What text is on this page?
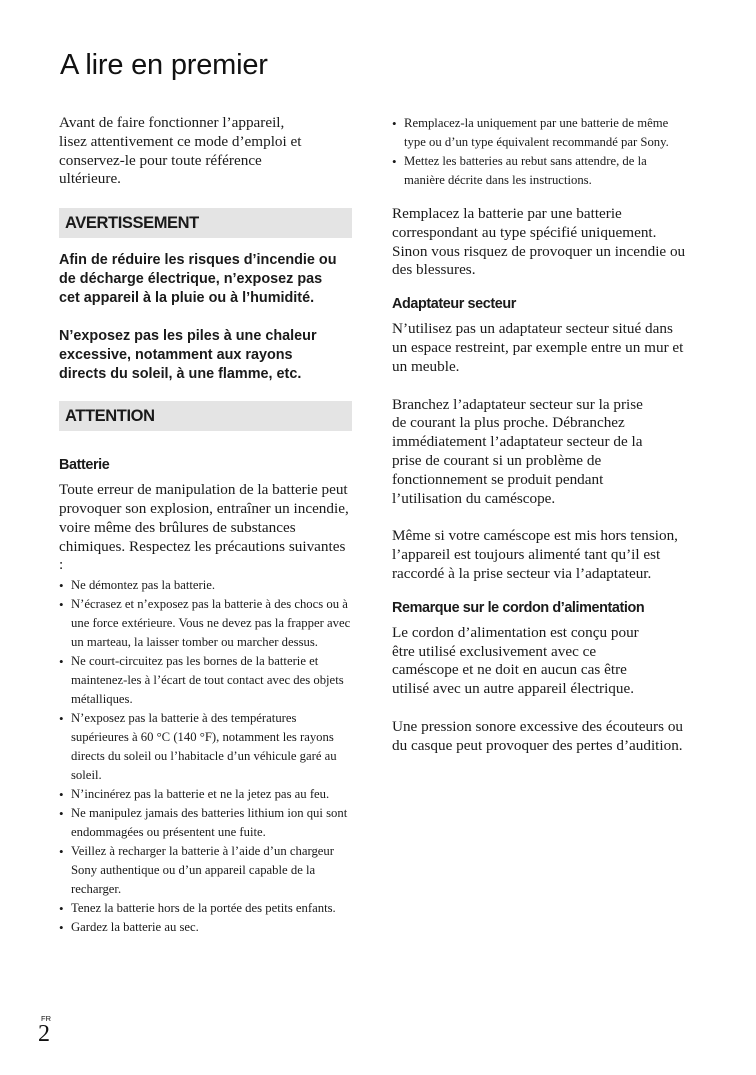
A lire en premier

Avant de faire fonctionner l’appareil, lisez attentivement ce mode d’emploi et conservez-le pour toute référence ultérieure.

AVERTISSEMENT

Afin de réduire les risques d’incendie ou de décharge électrique, n’exposez pas cet appareil à la pluie ou à l’humidité.

N’exposez pas les piles à une chaleur excessive, notamment aux rayons directs du soleil, à une flamme, etc.

ATTENTION

Batterie

Toute erreur de manipulation de la batterie peut provoquer son explosion, entraîner un incendie, voire même des brûlures de substances chimiques. Respectez les précautions suivantes :

• Ne démontez pas la batterie.
• N’écrasez et n’exposez pas la batterie à des chocs ou à une force extérieure. Vous ne devez pas la frapper avec un marteau, la laisser tomber ou marcher dessus.
• Ne court-circuitez pas les bornes de la batterie et maintenez-les à l’écart de tout contact avec des objets métalliques.
• N’exposez pas la batterie à des températures supérieures à 60 °C (140 °F), notamment les rayons directs du soleil ou l’habitacle d’un véhicule garé au soleil.
• N’incinérez pas la batterie et ne la jetez pas au feu.
• Ne manipulez jamais des batteries lithium ion qui sont endommagées ou présentent une fuite.
• Veillez à recharger la batterie à l’aide d’un chargeur Sony authentique ou d’un appareil capable de la recharger.
• Tenez la batterie hors de la portée des petits enfants.
• Gardez la batterie au sec.
• Remplacez-la uniquement par une batterie de même type ou d’un type équivalent recommandé par Sony.
• Mettez les batteries au rebut sans attendre, de la manière décrite dans les instructions.

Remplacez la batterie par une batterie correspondant au type spécifié uniquement. Sinon vous risquez de provoquer un incendie ou des blessures.

Adaptateur secteur

N’utilisez pas un adaptateur secteur situé dans un espace restreint, par exemple entre un mur et un meuble.

Branchez l’adaptateur secteur sur la prise de courant la plus proche. Débranchez immédiatement l’adaptateur secteur de la prise de courant si un problème de fonctionnement se produit pendant l’utilisation du caméscope.

Même si votre caméscope est mis hors tension, l’appareil est toujours alimenté tant qu’il est raccordé à la prise secteur via l’adaptateur.

Remarque sur le cordon d’alimentation

Le cordon d’alimentation est conçu pour être utilisé exclusivement avec ce caméscope et ne doit en aucun cas être utilisé avec un autre appareil électrique.

Une pression sonore excessive des écouteurs ou du casque peut provoquer des pertes d’audition.

FR
2
